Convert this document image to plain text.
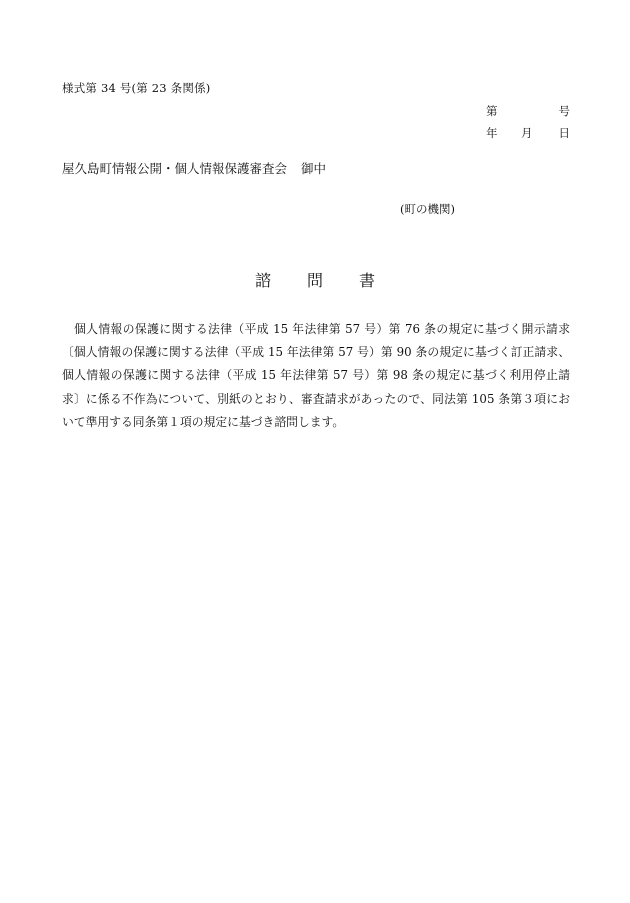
様式第 34 号(第 23 条関係)
第	号
年	月	日
屋久島町情報公開・個人情報保護審査会 御中
(町の機関)
諮問書
個人情報の保護に関する法律（平成 15 年法律第 57 号）第 76 条の規定に基づく開示請求〔個人情報の保護に関する法律（平成 15 年法律第 57 号）第 90 条の規定に基づく訂正請求、個人情報の保護に関する法律（平成 15 年法律第 57 号）第 98 条の規定に基づく利用停止請求〕に係る不作為について、別紙のとおり、審査請求があったので、同法第 105 条第３項において準用する同条第１項の規定に基づき諮問します。
